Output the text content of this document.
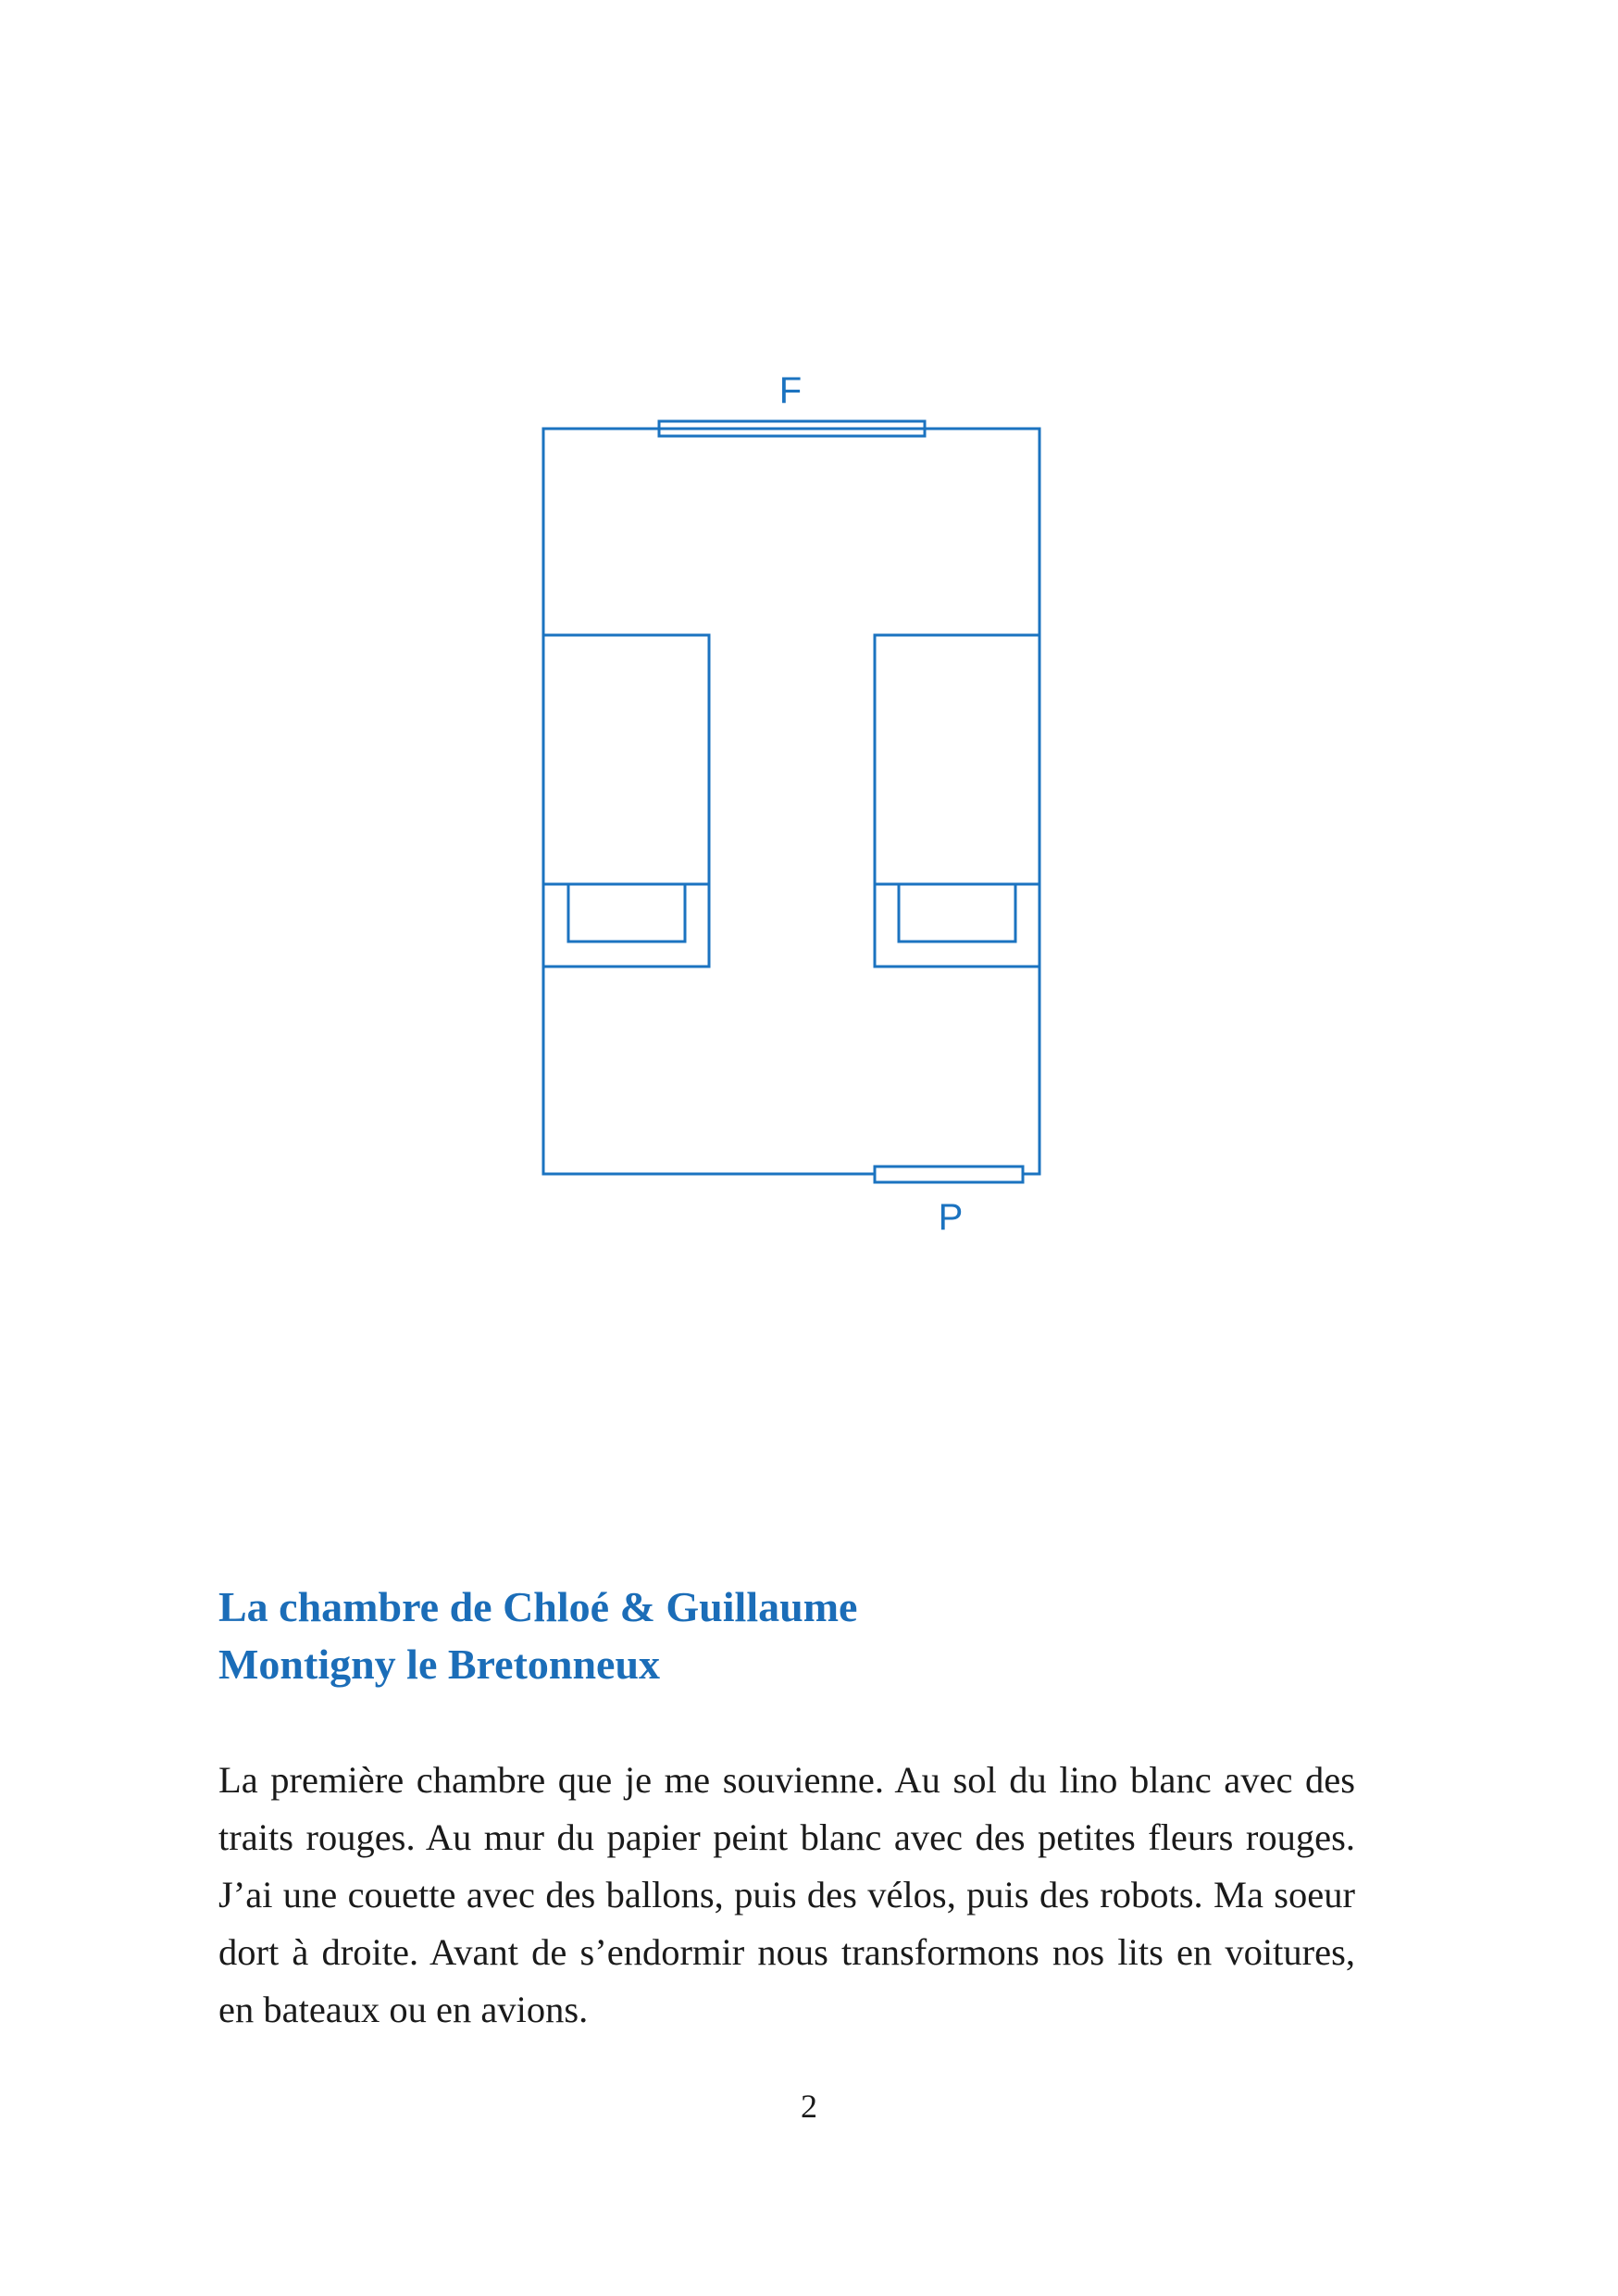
F
P
La chambre de Chloé & Guillaume
Montigny le Bretonneux

La première chambre que je me souvienne. Au sol du lino blanc avec des traits rouges. Au mur du papier peint blanc avec des petites fleurs rouges. J’ai une couette avec des ballons, puis des vélos, puis des robots. Ma soeur dort à droite. Avant de s’endormir nous transformons nos lits en voitures, en bateaux ou en avions.

2
